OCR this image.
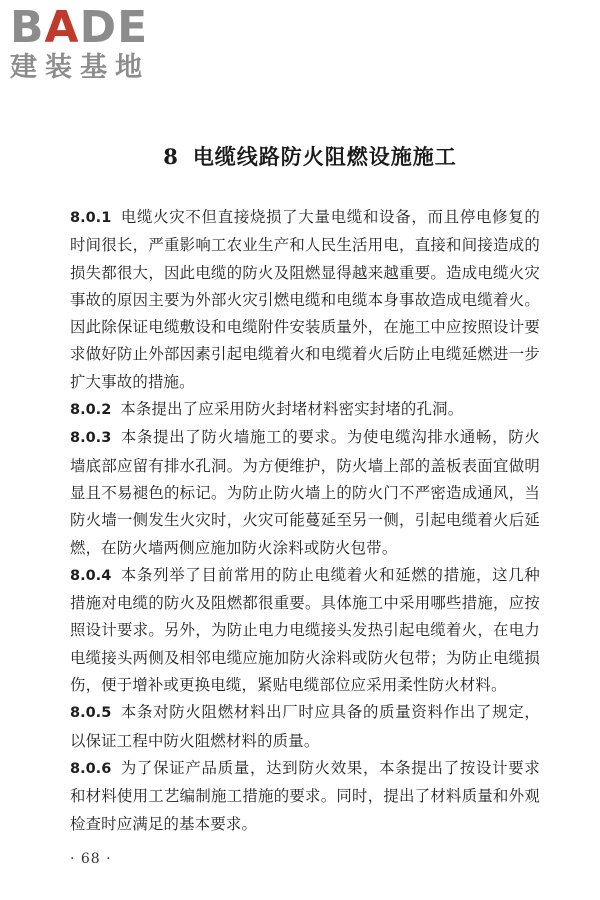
BADE
建装基地
8 电缆线路防火阻燃设施施工

8.0.1 电缆火灾不但直接烧损了大量电缆和设备，而且停电修复的时间很长，严重影响工农业生产和人民生活用电，直接和间接造成的损失都很大，因此电缆的防火及阻燃显得越来越重要。造成电缆火灾事故的原因主要为外部火灾引燃电缆和电缆本身事故造成电缆着火。因此除保证电缆敷设和电缆附件安装质量外，在施工中应按照设计要求做好防止外部因素引起电缆着火和电缆着火后防止电缆延燃进一步扩大事故的措施。

8.0.2 本条提出了应采用防火封堵材料密实封堵的孔洞。

8.0.3 本条提出了防火墙施工的要求。为使电缆沟排水通畅，防火墙底部应留有排水孔洞。为方便维护，防火墙上部的盖板表面宜做明显且不易褪色的标记。为防止防火墙上的防火门不严密造成通风，当防火墙一侧发生火灾时，火灾可能蔓延至另一侧，引起电缆着火后延燃，在防火墙两侧应施加防火涂料或防火包带。

8.0.4 本条列举了目前常用的防止电缆着火和延燃的措施，这几种措施对电缆的防火及阻燃都很重要。具体施工中采用哪些措施，应按照设计要求。另外，为防止电力电缆接头发热引起电缆着火，在电力电缆接头两侧及相邻电缆应施加防火涂料或防火包带；为防止电缆损伤，便于增补或更换电缆，紧贴电缆部位应采用柔性防火材料。

8.0.5 本条对防火阻燃材料出厂时应具备的质量资料作出了规定，以保证工程中防火阻燃材料的质量。

8.0.6 为了保证产品质量，达到防火效果，本条提出了按设计要求和材料使用工艺编制施工措施的要求。同时，提出了材料质量和外观检查时应满足的基本要求。

· 68 ·
